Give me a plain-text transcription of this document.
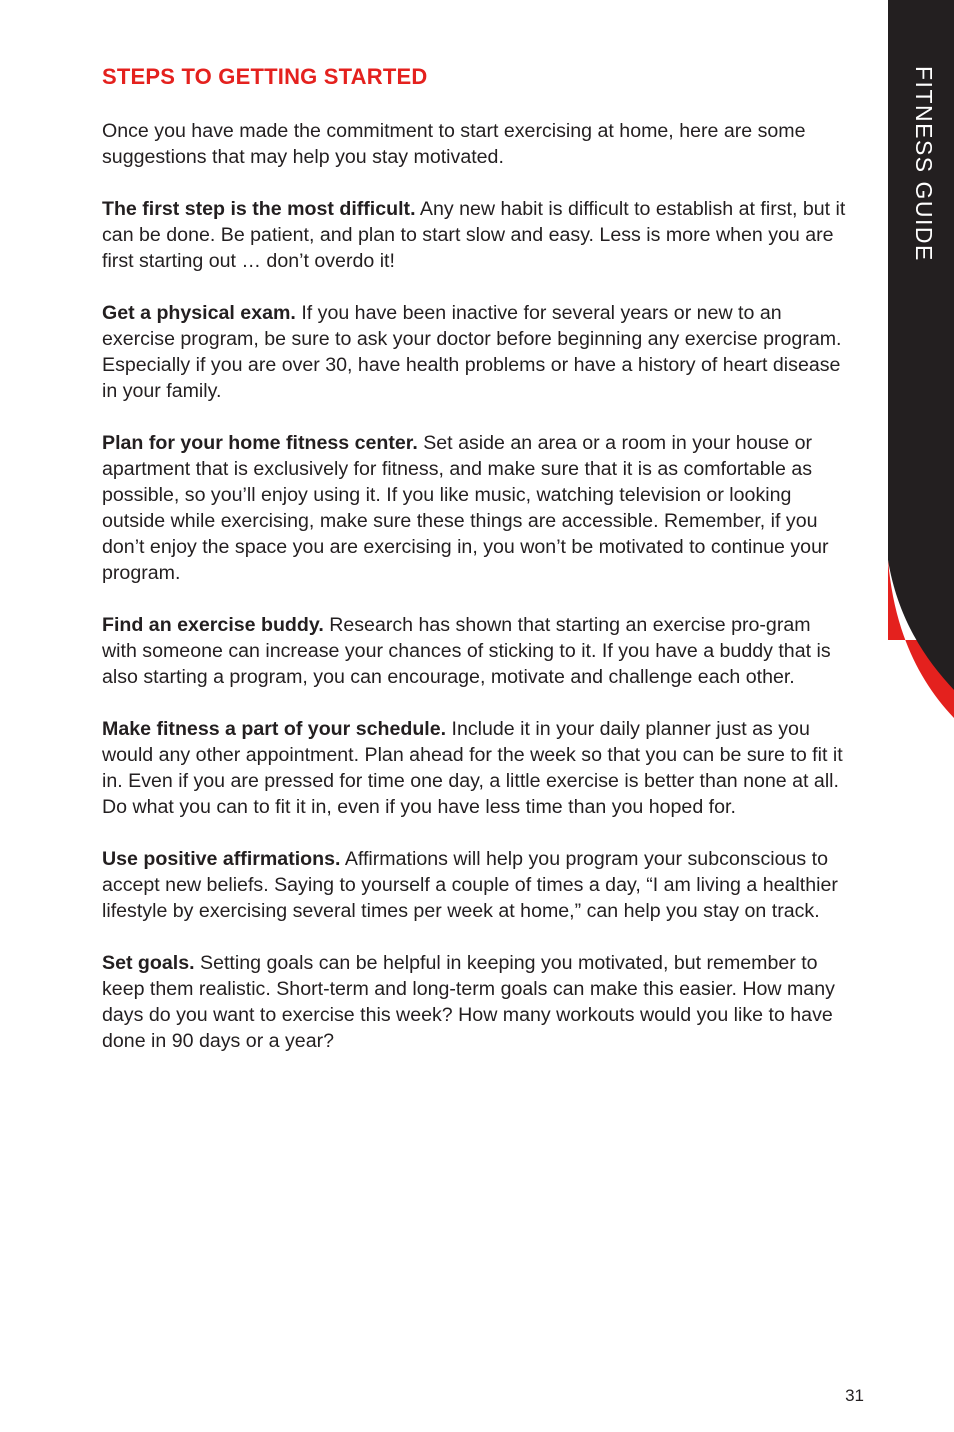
FITNESS GUIDE
STEPS TO GETTING STARTED

Once you have made the commitment to start exercising at home, here are some suggestions that may help you stay motivated.

The first step is the most difficult. Any new habit is difficult to establish at first, but it can be done. Be patient, and plan to start slow and easy. Less is more when you are first starting out … don’t overdo it!

Get a physical exam. If you have been inactive for several years or new to an exercise program, be sure to ask your doctor before beginning any exercise program. Especially if you are over 30, have health problems or have a history of heart disease in your family.

Plan for your home fitness center. Set aside an area or a room in your house or apartment that is exclusively for fitness, and make sure that it is as comfortable as possible, so you’ll enjoy using it. If you like music, watching television or looking outside while exercising, make sure these things are accessible. Remember, if you don’t enjoy the space you are exercising in, you won’t be motivated to continue your program.

Find an exercise buddy. Research has shown that starting an exercise pro-gram with someone can increase your chances of sticking to it. If you have a buddy that is also starting a program, you can encourage, motivate and challenge each other.

Make fitness a part of your schedule. Include it in your daily planner just as you would any other appointment. Plan ahead for the week so that you can be sure to fit it in. Even if you are pressed for time one day, a little exercise is better than none at all. Do what you can to fit it in, even if you have less time than you hoped for.

Use positive affirmations. Affirmations will help you program your subconscious to accept new beliefs. Saying to yourself a couple of times a day, “I am living a healthier lifestyle by exercising several times per week at home,” can help you stay on track.

Set goals. Setting goals can be helpful in keeping you motivated, but remember to keep them realistic. Short-term and long-term goals can make this easier. How many days do you want to exercise this week? How many workouts would you like to have done in 90 days or a year?

31
